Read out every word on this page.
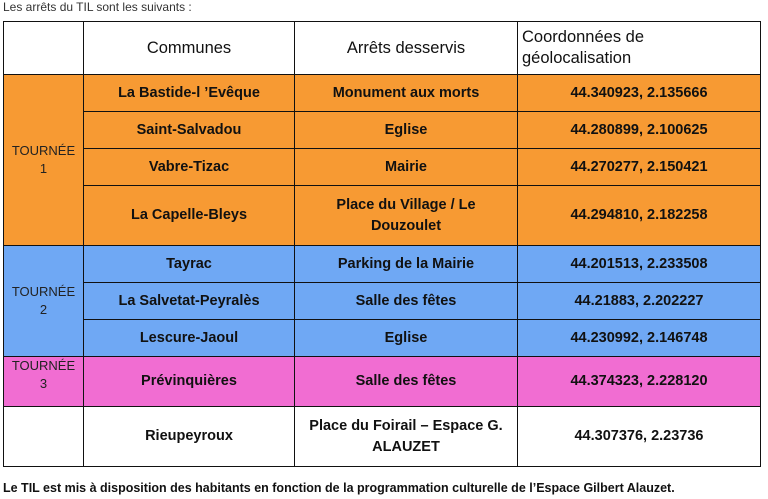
Les arrêts du TIL sont les suivants :
	Communes	Arrêts desservis	Coordonnées de
géolocalisation
TOURNÉE
1	La Bastide-l ’Evêque	Monument aux morts	44.340923, 2.135666
	Saint-Salvadou	Eglise	44.280899, 2.100625
	Vabre-Tizac	Mairie	44.270277, 2.150421
	La Capelle-Bleys	Place du Village / Le
Douzoulet	44.294810, 2.182258
TOURNÉE
2	Tayrac	Parking de la Mairie	44.201513, 2.233508
	La Salvetat-Peyralès	Salle des fêtes	44.21883, 2.202227
	Lescure-Jaoul	Eglise	44.230992, 2.146748
TOURNÉE
3	Prévinquières	Salle des fêtes	44.374323, 2.228120
	Rieupeyroux	Place du Foirail – Espace G.
ALAUZET	44.307376, 2.23736
Le TIL est mis à disposition des habitants en fonction de la programmation culturelle de l’Espace Gilbert Alauzet.
